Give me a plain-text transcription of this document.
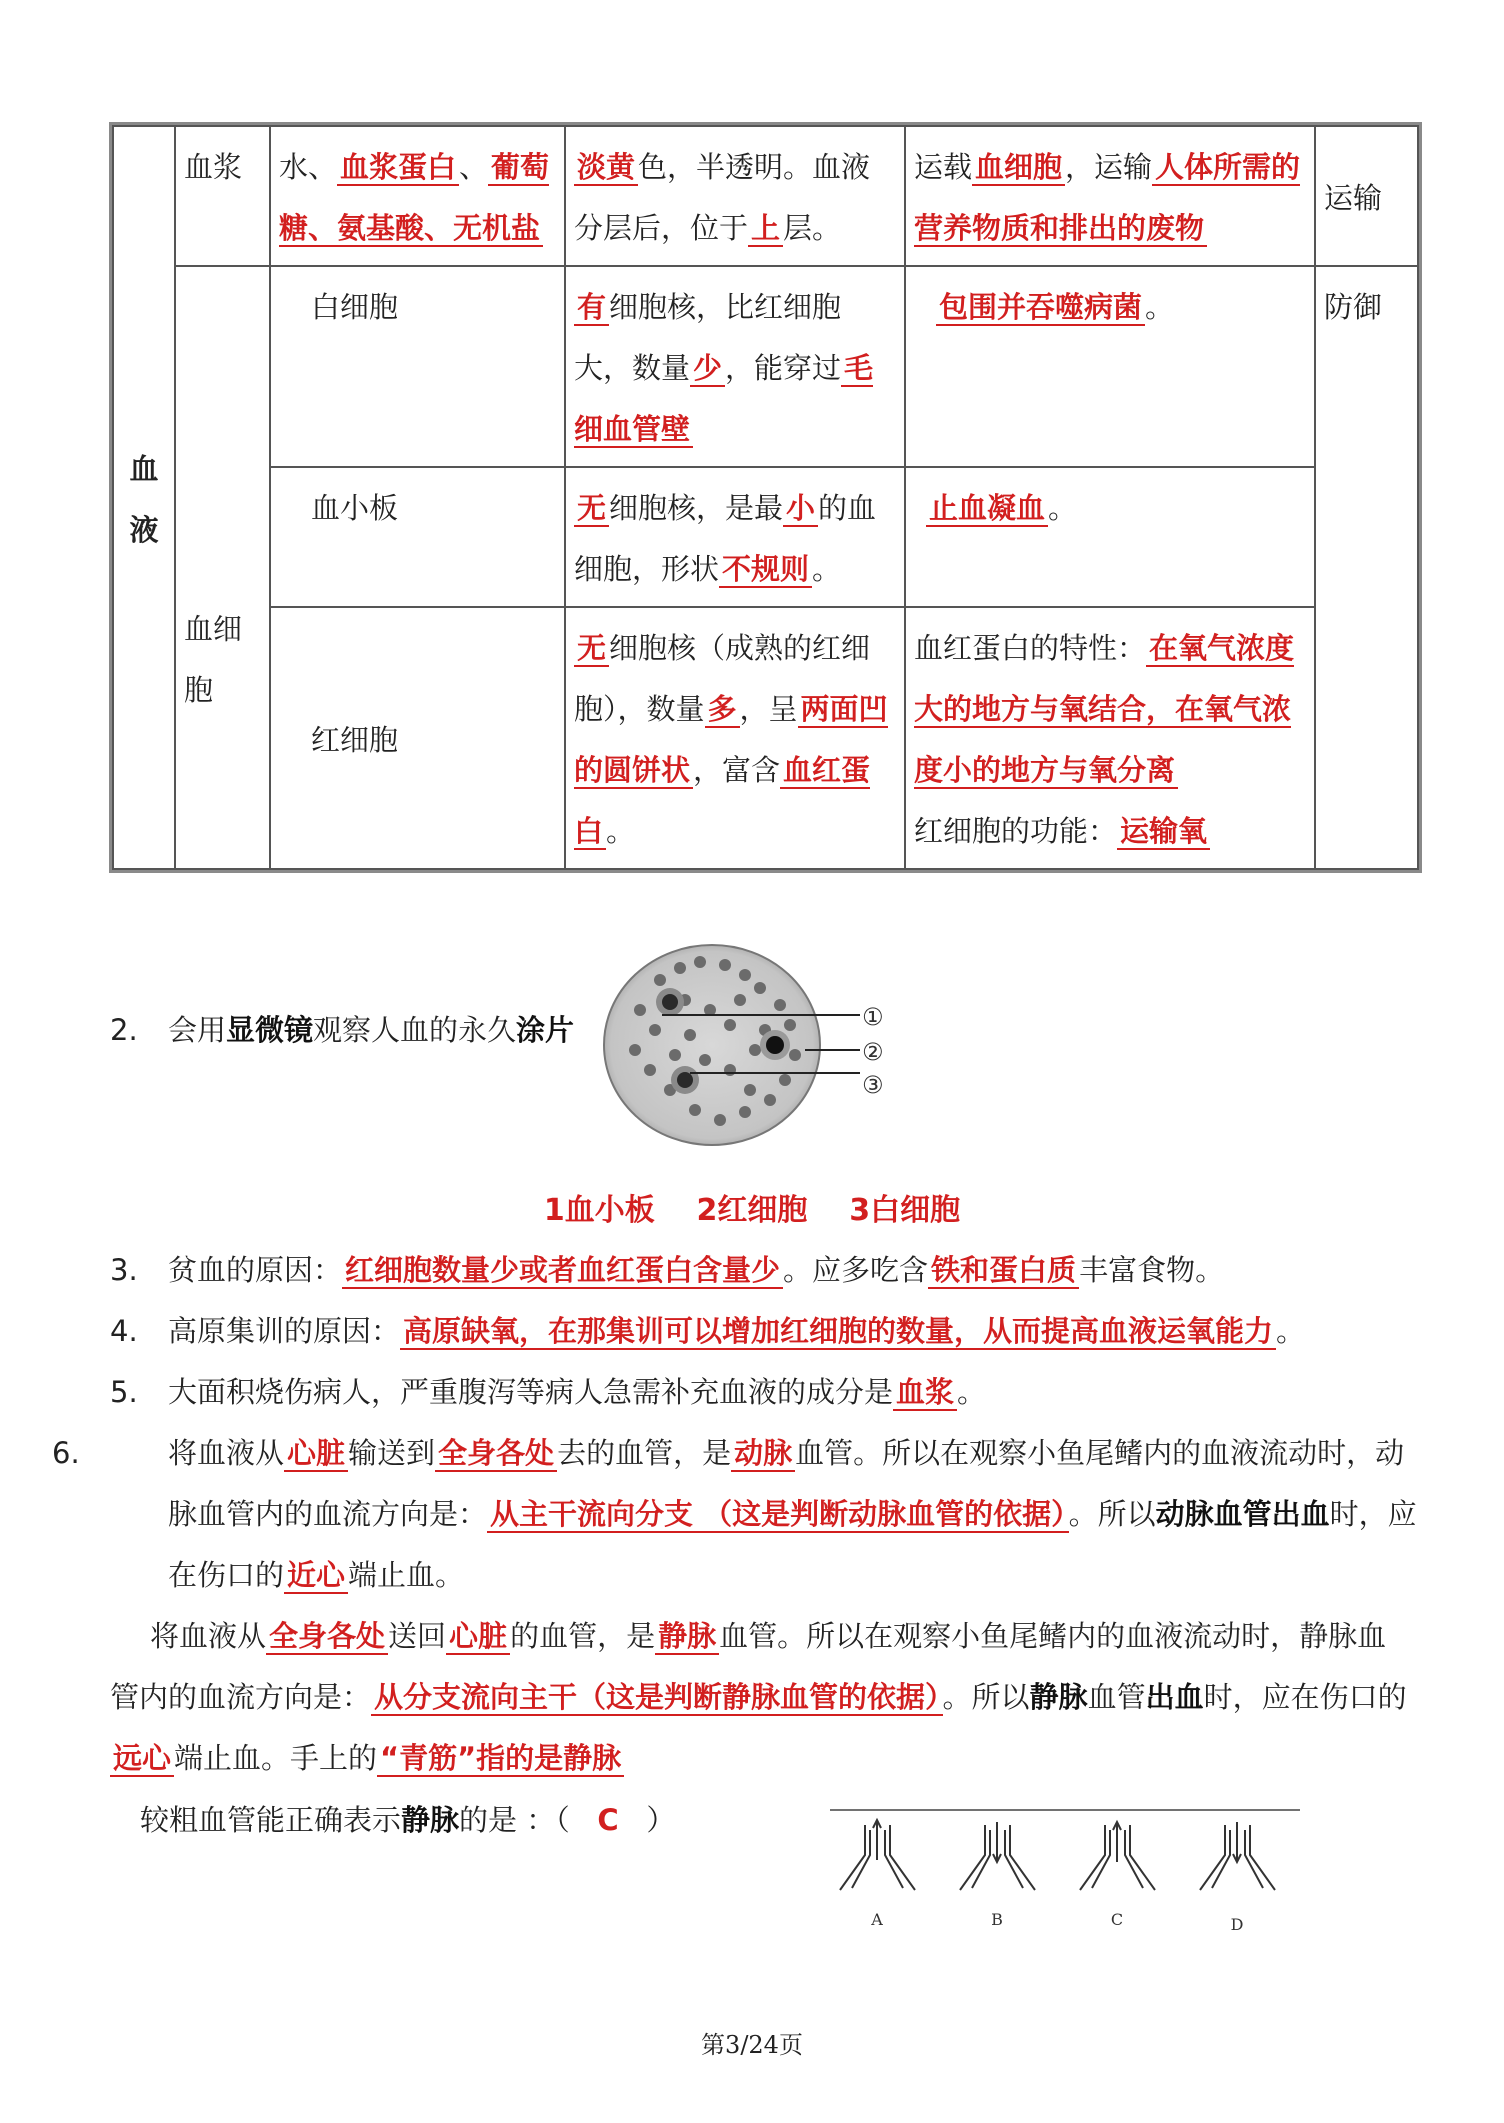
血液	血浆	水、 血浆蛋白 、 葡萄糖、氨基酸、无机盐	淡黄 色，半透明。血液分层后，位于 上 层。	运载 血细胞 ，运输 人体所需的营养物质和排出的废物	运输

	血细胞	白细胞	有 细胞核，比红细胞大，数量 少 ，能穿过 毛细血管壁	包围并吞噬病菌 。	防御
		血小板	无 细胞核，是最 小 的血细胞，形状 不规则 。	止血凝血 。	
		红细胞	无 细胞核（成熟的红细胞），数量 多 ，呈 两面凹的圆饼状 ，富含 血红蛋白 。	血红蛋白的特性： 在氧气浓度大的地方与氧结合，在氧气浓度小的地方与氧分离
红细胞的功能： 运输氧	
2. 会用显微镜观察人血的永久涂片	①
②
③
1血小板    2红细胞    3白细胞
3. 贫血的原因： 红细胞数量少或者血红蛋白含量少 。应多吃含 铁和蛋白质 丰富食物。
4. 高原集训的原因： 高原缺氧，在那集训可以增加红细胞的数量，从而提高血液运氧能力 。
5. 大面积烧伤病人，严重腹泻等病人急需补充血液的成分是 血浆 。
6.	将血液从 心脏 输送到 全身各处 去的血管，是 动脉 血管。所以在观察小鱼尾鳍内的血液流动时，动脉血管内的血流方向是： 从主干流向分支 （这是判断动脉血管的依据） 。所以动脉血管出血时，应在伤口的 近心 端止血。
将血液从 全身各处 送回 心脏 的血管，是 静脉 血管。所以在观察小鱼尾鳍内的血液流动时，静脉血管内的血流方向是： 从分支流向主干（这是判断静脉血管的依据） 。所以静脉血管出血时，应在伤口的远心 端止血。手上的 “青筋”指的是静脉
较粗血管能正确表示静脉的是 ：（ C ）
A	B	C	D
第3/24页
